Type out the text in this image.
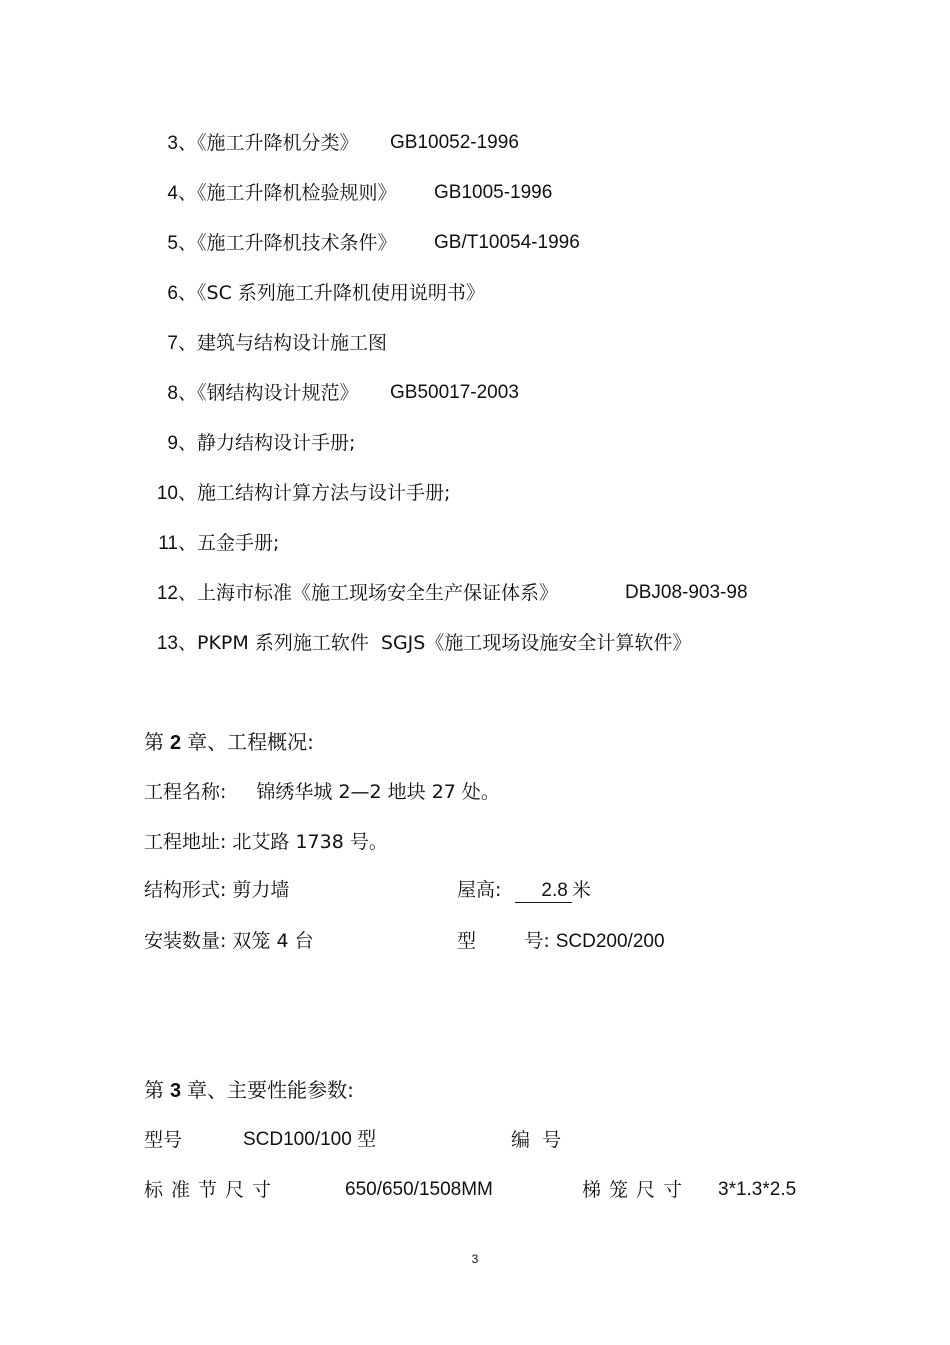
3、《施工升降机分类》 GB10052-1996
4、《施工升降机检验规则》 GB1005-1996
5、《施工升降机技术条件》 GB/T10054-1996
6、《SC 系列施工升降机使用说明书》
7、建筑与结构设计施工图
8、《钢结构设计规范》 GB50017-2003
9、静力结构设计手册;
10、施工结构计算方法与设计手册;
11、五金手册;
12、上海市标准《施工现场安全生产保证体系》	DBJ08-903-98
13、PKPM 系列施工软件  SGJS《施工现场设施安全计算软件》
第 2 章、工程概况:
工程名称: 锦绣华城 2—2 地块 27 处。
工程地址: 北艾路 1738 号。
结构形式: 剪力墙	屋高: 2.8 米
安装数量: 双笼 4 台	型        号: SCD200/200
第 3 章、主要性能参数:
型号	SCD100/100 型	编  号
标准节尺寸	650/650/1508MM	梯笼尺寸 3*1.3*2.5
3
